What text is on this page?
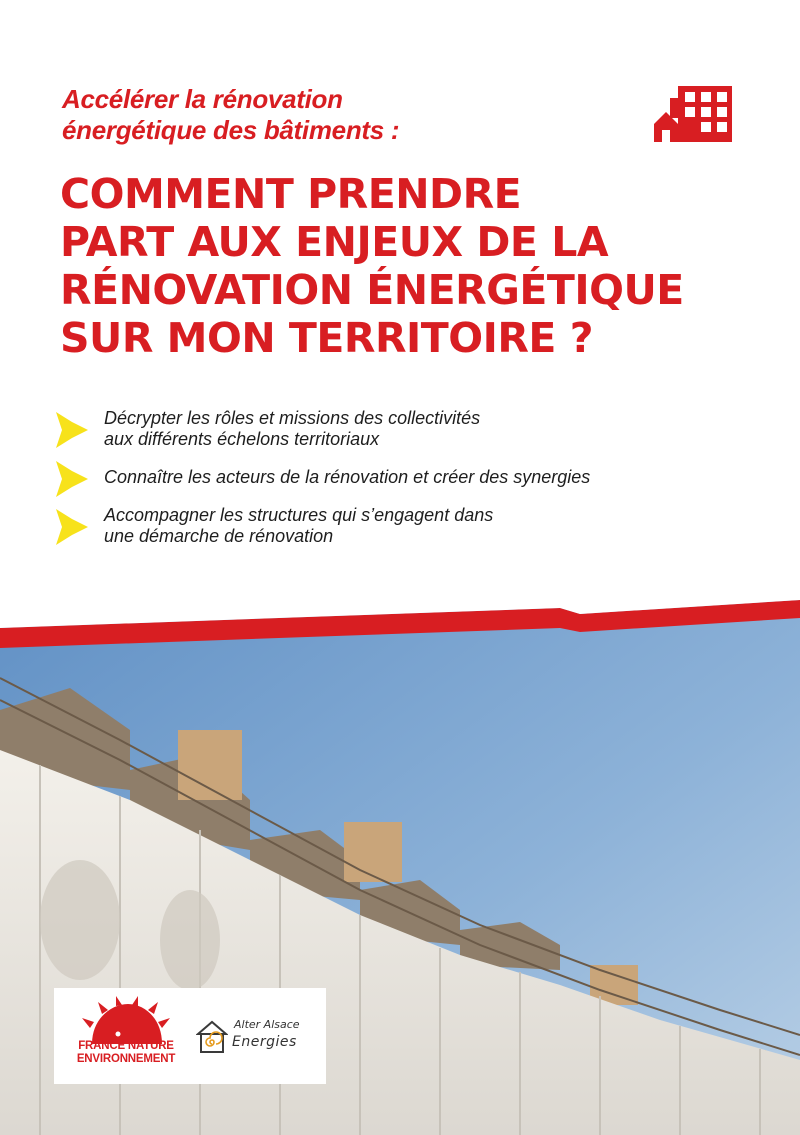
Accélérer la rénovation
énergétique des bâtiments :
COMMENT PRENDRE
PART AUX ENJEUX DE LA
RÉNOVATION ÉNERGÉTIQUE
SUR MON TERRITOIRE ?
Décrypter les rôles et missions des collectivités
aux différents échelons territoriaux
Connaître les acteurs de la rénovation et créer des synergies
Accompagner les structures qui s’engagent dans
une démarche de rénovation
FRANCE NATURE
ENVIRONNEMENT
Alter Alsace
Energies
